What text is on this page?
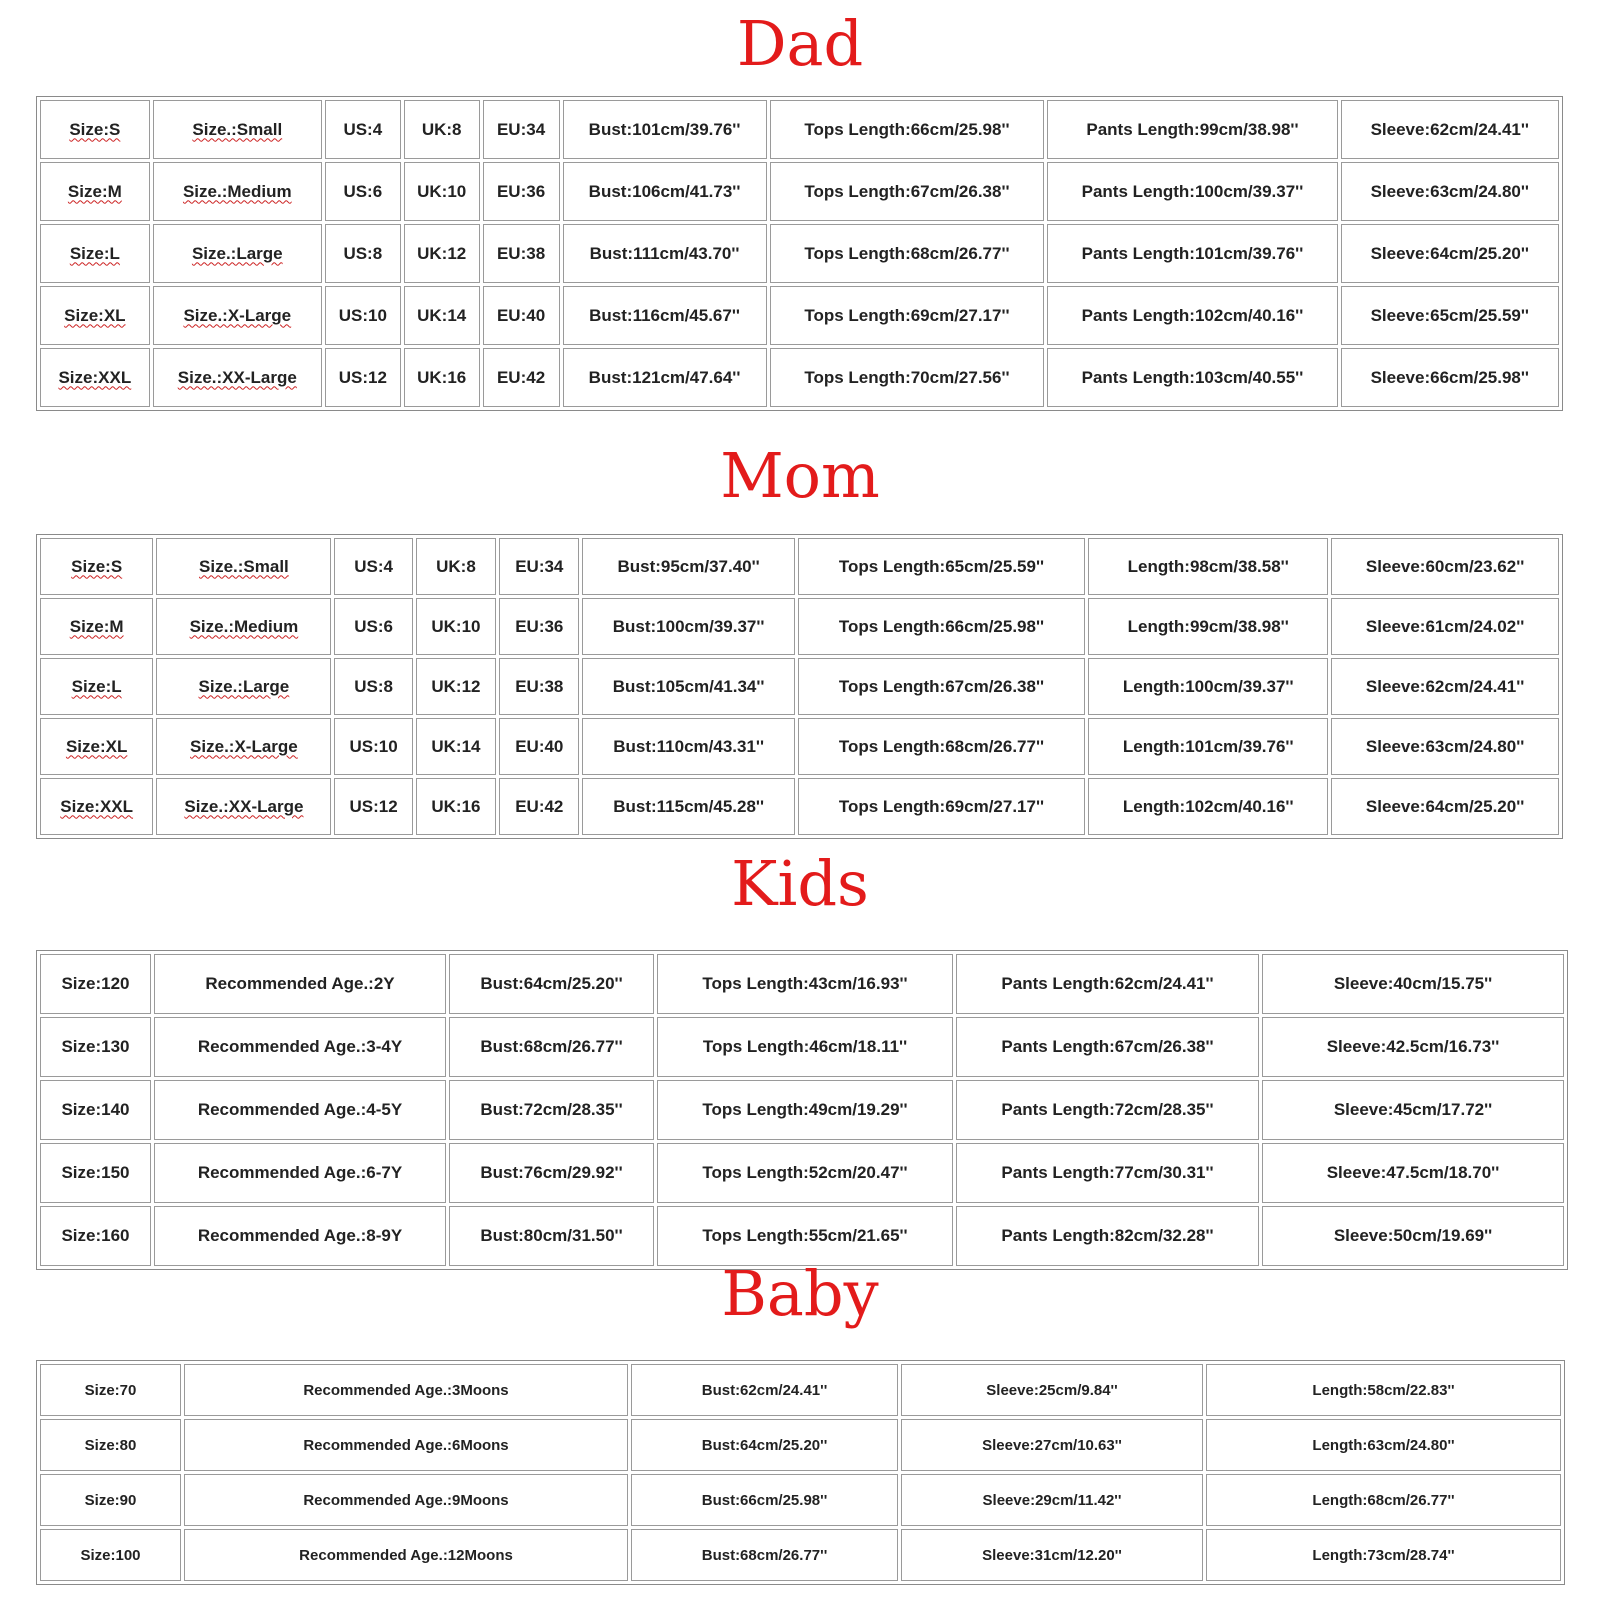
Dad
Size:S	Size.:Small	US:4	UK:8	EU:34	Bust:101cm/39.76''	Tops Length:66cm/25.98''	Pants Length:99cm/38.98''	Sleeve:62cm/24.41''
Size:M	Size.:Medium	US:6	UK:10	EU:36	Bust:106cm/41.73''	Tops Length:67cm/26.38''	Pants Length:100cm/39.37''	Sleeve:63cm/24.80''
Size:L	Size.:Large	US:8	UK:12	EU:38	Bust:111cm/43.70''	Tops Length:68cm/26.77''	Pants Length:101cm/39.76''	Sleeve:64cm/25.20''
Size:XL	Size.:X-Large	US:10	UK:14	EU:40	Bust:116cm/45.67''	Tops Length:69cm/27.17''	Pants Length:102cm/40.16''	Sleeve:65cm/25.59''
Size:XXL	Size.:XX-Large	US:12	UK:16	EU:42	Bust:121cm/47.64''	Tops Length:70cm/27.56''	Pants Length:103cm/40.55''	Sleeve:66cm/25.98''
Mom
Size:S	Size.:Small	US:4	UK:8	EU:34	Bust:95cm/37.40''	Tops Length:65cm/25.59''	Length:98cm/38.58''	Sleeve:60cm/23.62''
Size:M	Size.:Medium	US:6	UK:10	EU:36	Bust:100cm/39.37''	Tops Length:66cm/25.98''	Length:99cm/38.98''	Sleeve:61cm/24.02''
Size:L	Size.:Large	US:8	UK:12	EU:38	Bust:105cm/41.34''	Tops Length:67cm/26.38''	Length:100cm/39.37''	Sleeve:62cm/24.41''
Size:XL	Size.:X-Large	US:10	UK:14	EU:40	Bust:110cm/43.31''	Tops Length:68cm/26.77''	Length:101cm/39.76''	Sleeve:63cm/24.80''
Size:XXL	Size.:XX-Large	US:12	UK:16	EU:42	Bust:115cm/45.28''	Tops Length:69cm/27.17''	Length:102cm/40.16''	Sleeve:64cm/25.20''
Kids
Size:120	Recommended Age.:2Y	Bust:64cm/25.20''	Tops Length:43cm/16.93''	Pants Length:62cm/24.41''	Sleeve:40cm/15.75''
Size:130	Recommended Age.:3-4Y	Bust:68cm/26.77''	Tops Length:46cm/18.11''	Pants Length:67cm/26.38''	Sleeve:42.5cm/16.73''
Size:140	Recommended Age.:4-5Y	Bust:72cm/28.35''	Tops Length:49cm/19.29''	Pants Length:72cm/28.35''	Sleeve:45cm/17.72''
Size:150	Recommended Age.:6-7Y	Bust:76cm/29.92''	Tops Length:52cm/20.47''	Pants Length:77cm/30.31''	Sleeve:47.5cm/18.70''
Size:160	Recommended Age.:8-9Y	Bust:80cm/31.50''	Tops Length:55cm/21.65''	Pants Length:82cm/32.28''	Sleeve:50cm/19.69''
Baby
Size:70	Recommended Age.:3Moons	Bust:62cm/24.41''	Sleeve:25cm/9.84''	Length:58cm/22.83''
Size:80	Recommended Age.:6Moons	Bust:64cm/25.20''	Sleeve:27cm/10.63''	Length:63cm/24.80''
Size:90	Recommended Age.:9Moons	Bust:66cm/25.98''	Sleeve:29cm/11.42''	Length:68cm/26.77''
Size:100	Recommended Age.:12Moons	Bust:68cm/26.77''	Sleeve:31cm/12.20''	Length:73cm/28.74''
